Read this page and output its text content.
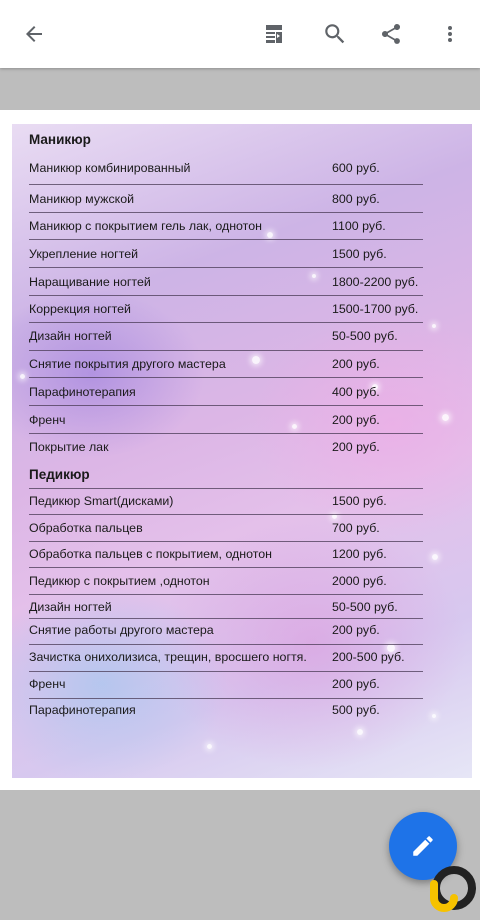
Маникюр
Маникюр комбинированный	600 руб.
Маникюр мужской	800 руб.
Маникюр с покрытием гель лак, однотон	1100 руб.
Укрепление ногтей	1500 руб.
Наращивание ногтей	1800-2200 руб.
Коррекция ногтей	1500-1700 руб.
Дизайн ногтей	50-500 руб.
Снятие покрытия другого мастера	200 руб.
Парафинотерапия	400 руб.
Френч	200 руб.
Покрытие лак	200 руб.
Педикюр
Педикюр Smart(дисками)	1500 руб.
Обработка пальцев	700 руб.
Обработка пальцев с покрытием, однотон	1200 руб.
Педикюр с покрытием ,однотон	2000 руб.
Дизайн ногтей	50-500 руб.
Снятие работы другого мастера	200 руб.
Зачистка онихолизиса, трещин, вросшего ногтя. 200-500 руб.
Френч	200 руб.
Парафинотерапия	500 руб.
